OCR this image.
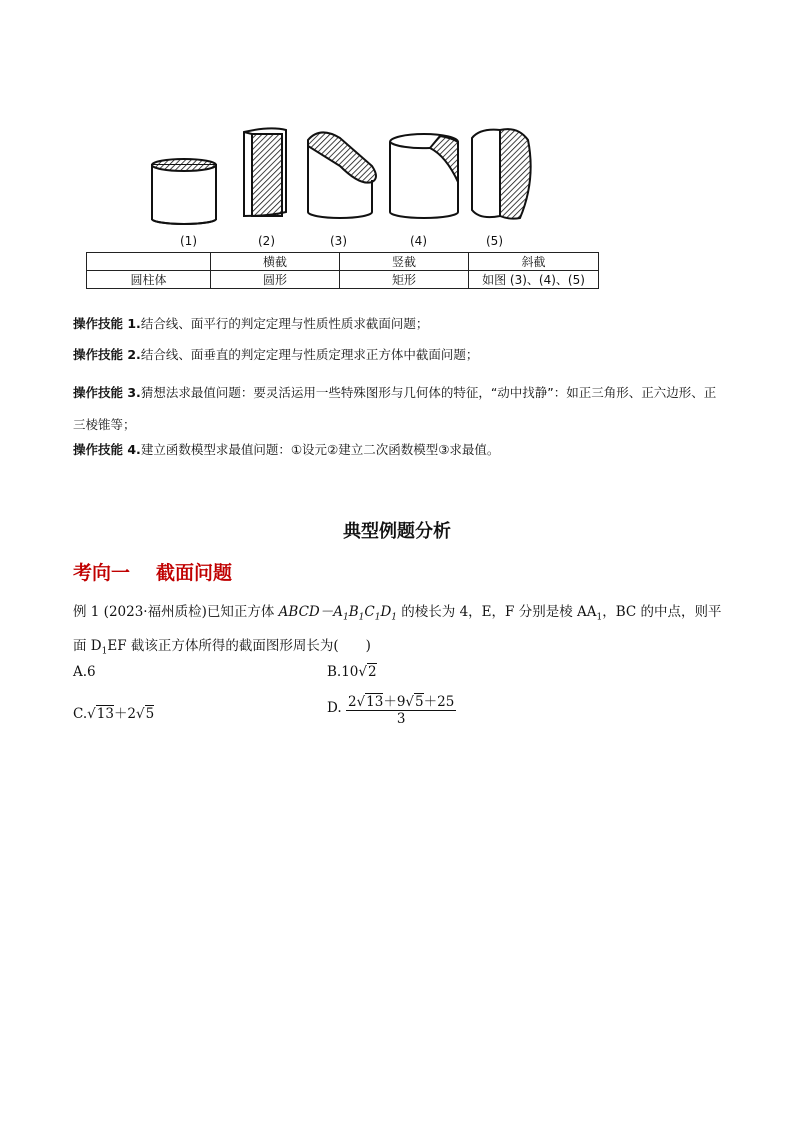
(1)	(2)	(3)	(4)	(5)
	横截	竖截	斜截
圆柱体	圆形	矩形	如图 (3)、(4)、(5)
操作技能 1.结合线、面平行的判定定理与性质性质求截面问题；
操作技能 2.结合线、面垂直的判定定理与性质定理求正方体中截面问题；
操作技能 3.猜想法求最值问题：要灵活运用一些特殊图形与几何体的特征，“动中找静”：如正三角形、正六边形、正三棱锥等；
操作技能 4.建立函数模型求最值问题：①设元②建立二次函数模型③求最值。
典型例题分析
考向一 截面问题
例 1 (2023·福州质检)已知正方体 $ABCD-A_1B_1C_1D_1$ 的棱长为 4，E，F 分别是棱 $AA_1$，BC 的中点，则平面 $D_1EF$ 截该正方体所得的截面图形周长为(　　)
A.6	B.10√2
C.√13＋2√5	D. $\frac{2√13+9√5+25}{3}$
